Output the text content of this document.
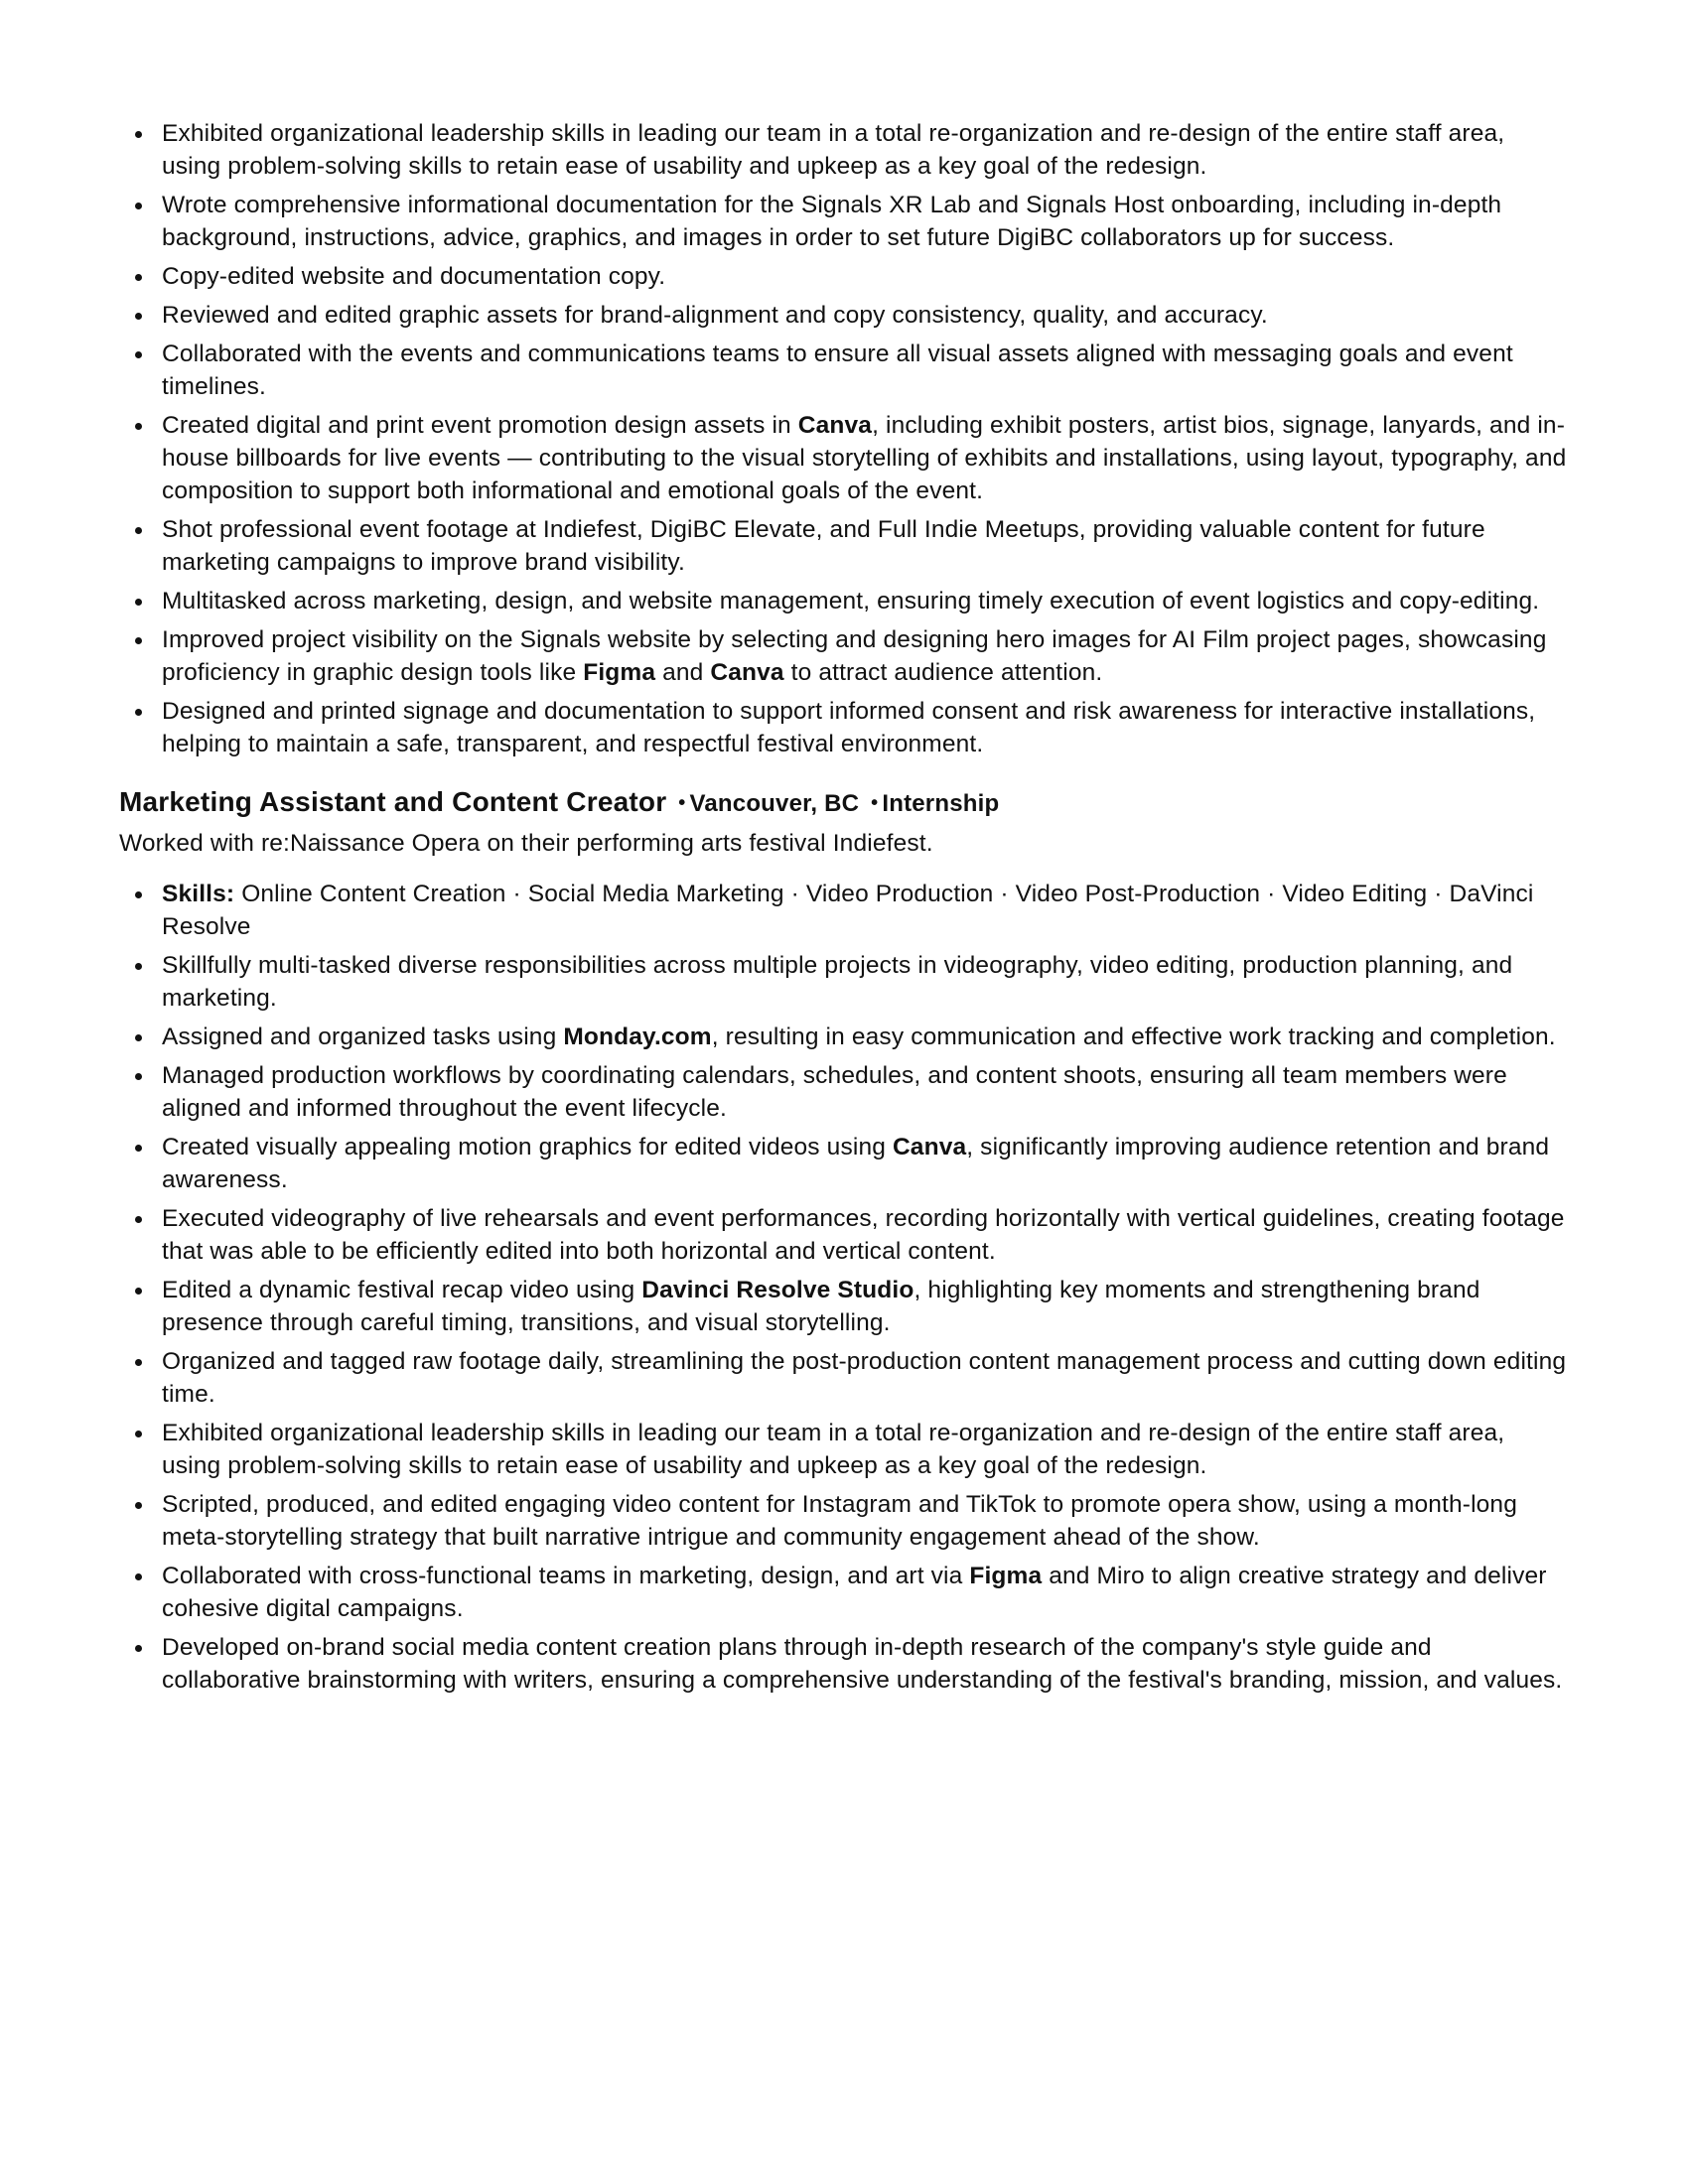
Exhibited organizational leadership skills in leading our team in a total re-organization and re-design of the entire staff area, using problem-solving skills to retain ease of usability and upkeep as a key goal of the redesign.
Wrote comprehensive informational documentation for the Signals XR Lab and Signals Host onboarding, including in-depth background, instructions, advice, graphics, and images in order to set future DigiBC collaborators up for success.
Copy-edited website and documentation copy.
Reviewed and edited graphic assets for brand-alignment and copy consistency, quality, and accuracy.
Collaborated with the events and communications teams to ensure all visual assets aligned with messaging goals and event timelines.
Created digital and print event promotion design assets in Canva, including exhibit posters, artist bios, signage, lanyards, and in-house billboards for live events — contributing to the visual storytelling of exhibits and installations, using layout, typography, and composition to support both informational and emotional goals of the event.
Shot professional event footage at Indiefest, DigiBC Elevate, and Full Indie Meetups, providing valuable content for future marketing campaigns to improve brand visibility.
Multitasked across marketing, design, and website management, ensuring timely execution of event logistics and copy-editing.
Improved project visibility on the Signals website by selecting and designing hero images for AI Film project pages, showcasing proficiency in graphic design tools like Figma and Canva to attract audience attention.
Designed and printed signage and documentation to support informed consent and risk awareness for interactive installations, helping to maintain a safe, transparent, and respectful festival environment.
Marketing Assistant and Content Creator • Vancouver, BC • Internship
Worked with re:Naissance Opera on their performing arts festival Indiefest.
Skills: Online Content Creation · Social Media Marketing · Video Production · Video Post-Production · Video Editing · DaVinci Resolve
Skillfully multi-tasked diverse responsibilities across multiple projects in videography, video editing, production planning, and marketing.
Assigned and organized tasks using Monday.com, resulting in easy communication and effective work tracking and completion.
Managed production workflows by coordinating calendars, schedules, and content shoots, ensuring all team members were aligned and informed throughout the event lifecycle.
Created visually appealing motion graphics for edited videos using Canva, significantly improving audience retention and brand awareness.
Executed videography of live rehearsals and event performances, recording horizontally with vertical guidelines, creating footage that was able to be efficiently edited into both horizontal and vertical content.
Edited a dynamic festival recap video using Davinci Resolve Studio, highlighting key moments and strengthening brand presence through careful timing, transitions, and visual storytelling.
Organized and tagged raw footage daily, streamlining the post-production content management process and cutting down editing time.
Exhibited organizational leadership skills in leading our team in a total re-organization and re-design of the entire staff area, using problem-solving skills to retain ease of usability and upkeep as a key goal of the redesign.
Scripted, produced, and edited engaging video content for Instagram and TikTok to promote opera show, using a month-long meta-storytelling strategy that built narrative intrigue and community engagement ahead of the show.
Collaborated with cross-functional teams in marketing, design, and art via Figma and Miro to align creative strategy and deliver cohesive digital campaigns.
Developed on-brand social media content creation plans through in-depth research of the company's style guide and collaborative brainstorming with writers, ensuring a comprehensive understanding of the festival's branding, mission, and values.
